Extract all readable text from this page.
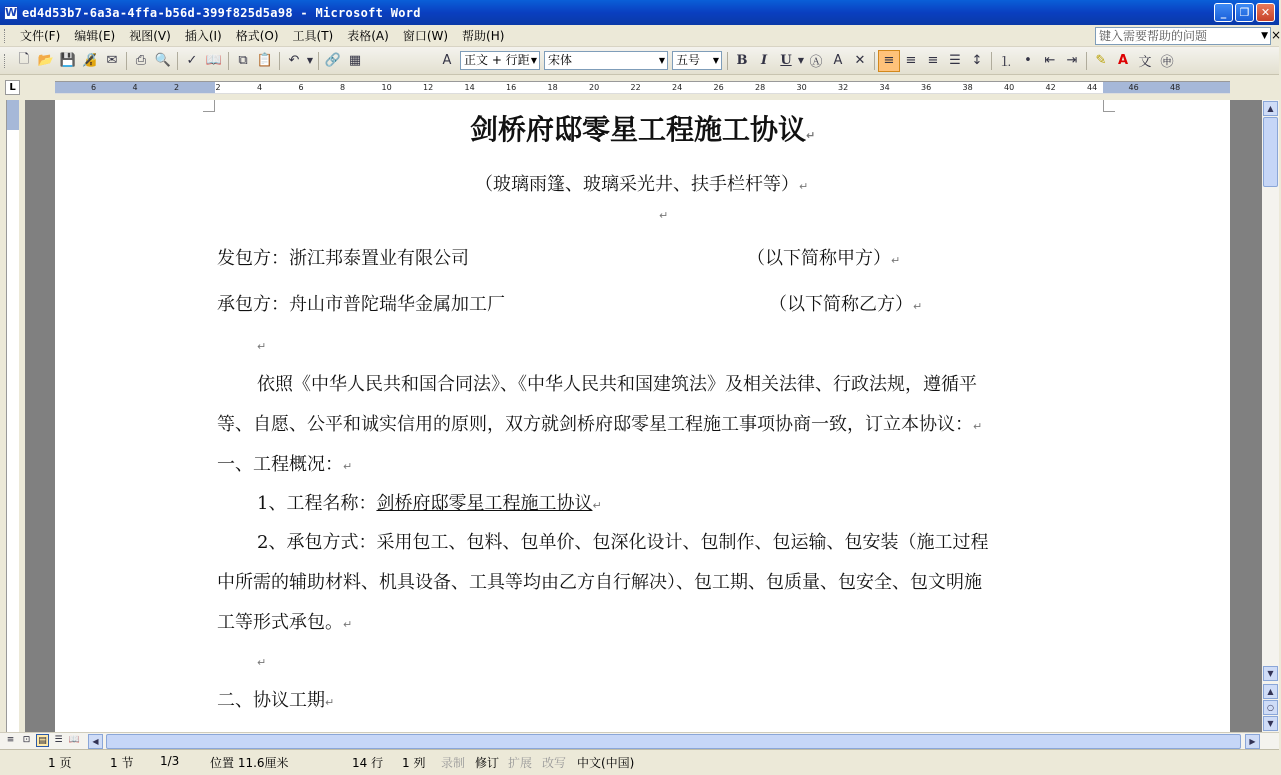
W ed4d53b7-6a3a-4ffa-b56d-399f825d5a98 - Microsoft Word	_	❐	✕
文件(F)	编辑(E)	视图(V)	插入(I)	格式(O)	工具(T)	表格(A)	窗口(W)	帮助(H)	键入需要帮助的问题	▼ ×
🗋 📂 💾 🔏 ✉	⎙ 🔍	✓ 📖	⧉ 📋	↶ ▼ 🔗 ▦	A	正文 + 行距 ▼ 宋体	▼ 五号 ▼	B	I	U ▼ Ⓐ A ✕	≡ ≡ ≡ ☰ ↕	⒈ • ⇤ ⇥	✎ A 文 ㊥
L	6	4	2	2	4	6	8	10	12	14	16	18	20	22	24	26	28	30	32	34	36	38	40	42	44	46	48
剑桥府邸零星工程施工协议↵
（玻璃雨篷、玻璃采光井、扶手栏杆等）↵
↵
发包方：浙江邦泰置业有限公司	（以下简称甲方）↵
承包方：舟山市普陀瑞华金属加工厂	（以下简称乙方）↵
↵
依照《中华人民共和国合同法》、《中华人民共和国建筑法》及相关法律、行政法规，遵循平
等、自愿、公平和诚实信用的原则，双方就剑桥府邸零星工程施工事项协商一致，订立本协议：↵
一、工程概况：↵
1、工程名称：剑桥府邸零星工程施工协议↵
2、承包方式：采用包工、包料、包单价、包深化设计、包制作、包运输、包安装（施工过程
中所需的辅助材料、机具设备、工具等均由乙方自行解决）、包工期、包质量、包安全、包文明施
工等形式承包。↵
↵
二、协议工期↵
▲
▼
▲
○
▼
≡ ⊡ ▤ ☰ 📖	◀	▶
1 页	1 节 1/3	位置 11.6厘米	14 行 1 列 录制 修订 扩展 改写 中文(中国)
